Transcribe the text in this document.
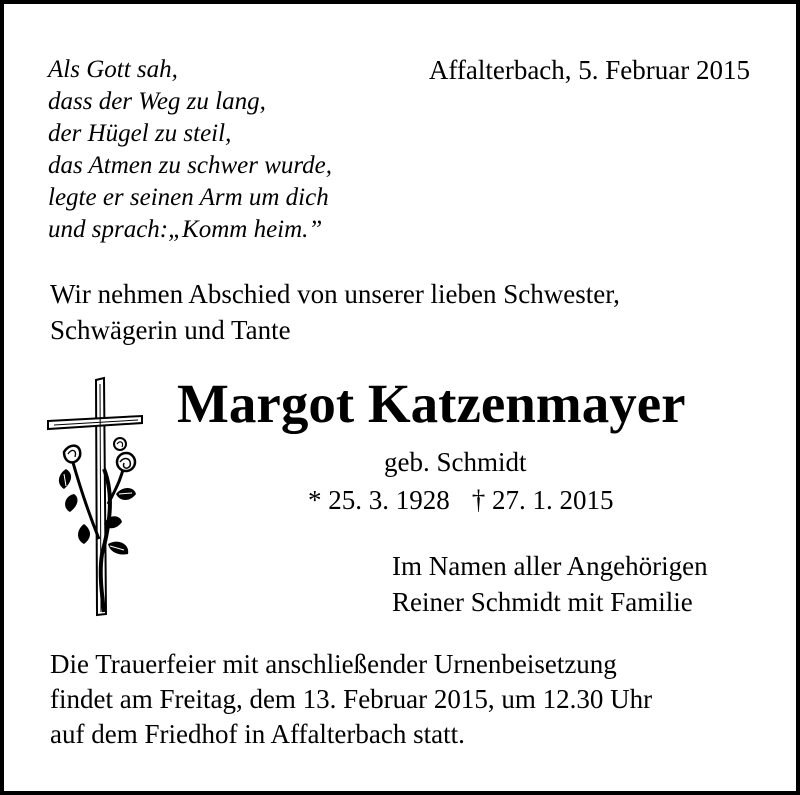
Als Gott sah,
dass der Weg zu lang,
der Hügel zu steil,
das Atmen zu schwer wurde,
legte er seinen Arm um dich
und sprach:„Komm heim.”
Affalterbach, 5. Februar 2015
Wir nehmen Abschied von unserer lieben Schwester,
Schwägerin und Tante
Margot Katzenmayer
geb. Schmidt
* 25. 3. 1928 † 27. 1. 2015
Im Namen aller Angehörigen
Reiner Schmidt mit Familie
Die Trauerfeier mit anschließender Urnenbeisetzung
findet am Freitag, dem 13. Februar 2015, um 12.30 Uhr
auf dem Friedhof in Affalterbach statt.
